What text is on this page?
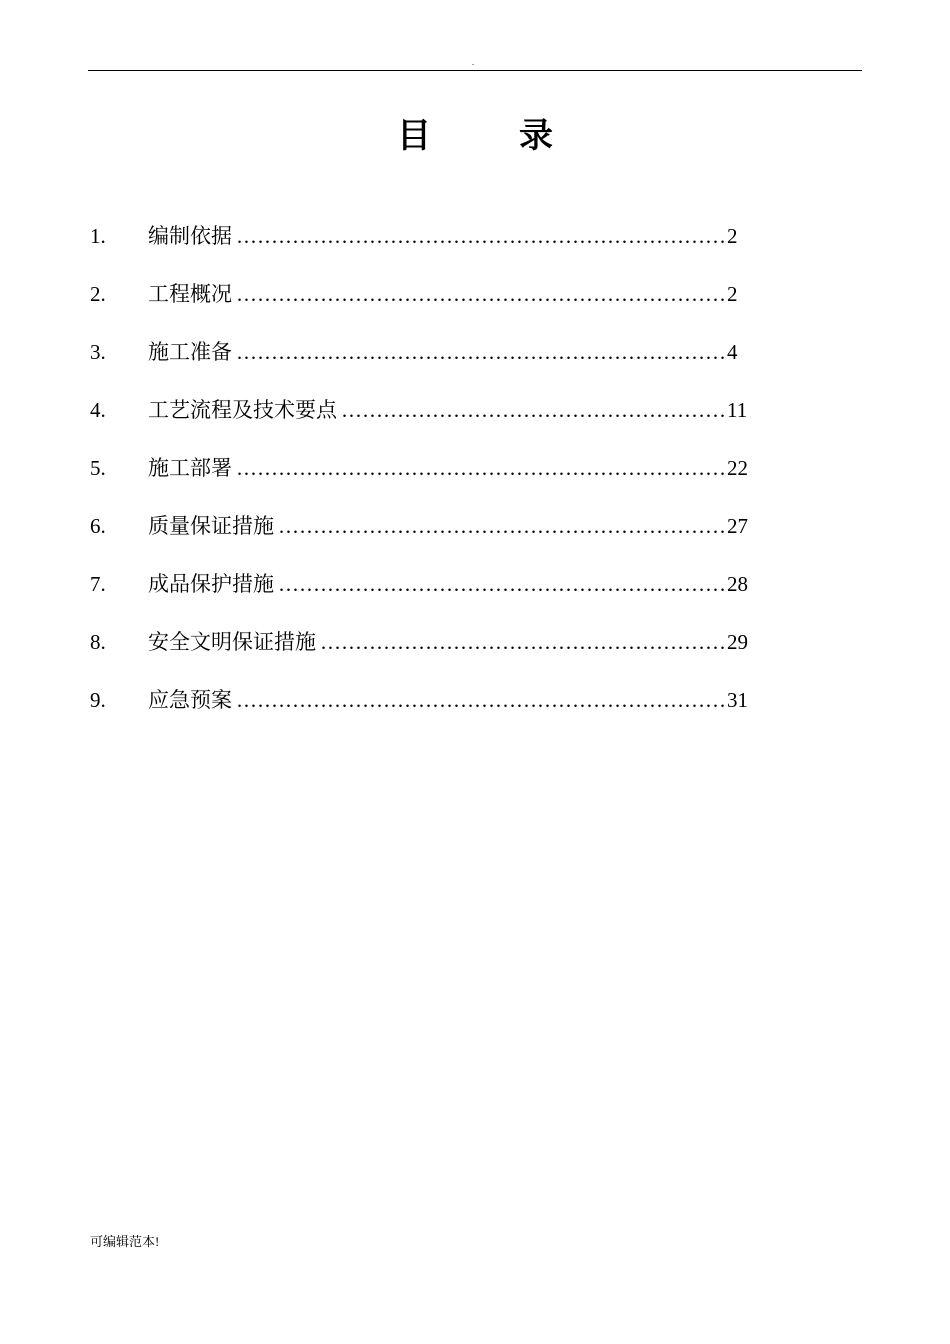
.
目	录
1. ………………………………………………………………………………………………………………………………………… 编制依据	2
2. ………………………………………………………………………………………………………………………………………… 工程概况	2
3. ………………………………………………………………………………………………………………………………………… 施工准备	4
4. ………………………………………………………………………………………………………………………………………… 工艺流程及技术要点	11
5. ………………………………………………………………………………………………………………………………………… 施工部署	22
6. ………………………………………………………………………………………………………………………………………… 质量保证措施	27
7. ………………………………………………………………………………………………………………………………………… 成品保护措施	28
8. ………………………………………………………………………………………………………………………………………… 安全文明保证措施	29
9. ………………………………………………………………………………………………………………………………………… 应急预案	31
可编辑范本!
